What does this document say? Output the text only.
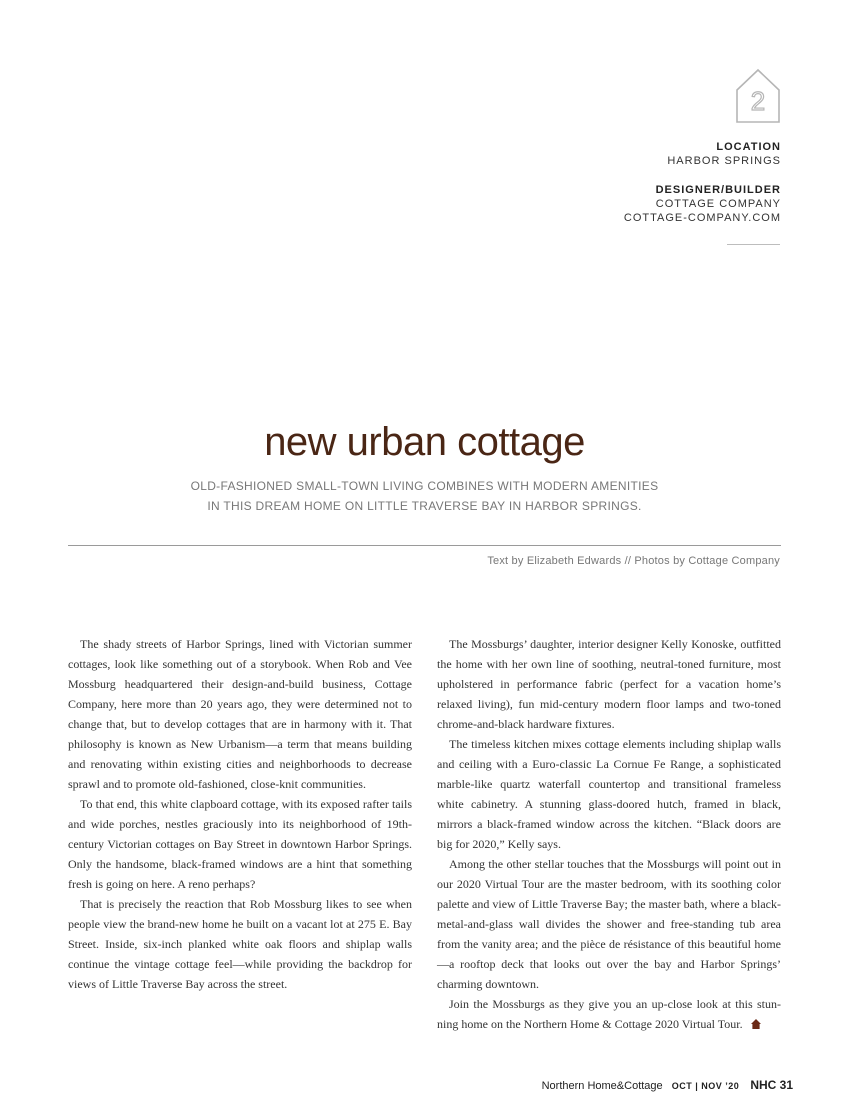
2
LOCATION
HARBOR SPRINGS
DESIGNER/BUILDER
COTTAGE COMPANY
COTTAGE-COMPANY.COM
new urban cottage
OLD-FASHIONED SMALL-TOWN LIVING COMBINES WITH MODERN AMENITIES
IN THIS DREAM HOME ON LITTLE TRAVERSE BAY IN HARBOR SPRINGS.
Text by Elizabeth Edwards // Photos by Cottage Company

The shady streets of Harbor Springs, lined with Victorian summer cottages, look like something out of a storybook. When Rob and Vee Mossburg headquartered their design-and-build business, Cottage Company, here more than 20 years ago, they were determined not to change that, but to develop cottages that are in harmony with it. That philosophy is known as New Urbanism—a term that means building and renovating within existing cities and neighborhoods to decrease sprawl and to promote old-fashioned, close-knit communities.

To that end, this white clapboard cottage, with its exposed rafter tails and wide porches, nestles graciously into its neighborhood of 19th-century Victorian cottages on Bay Street in downtown Harbor Springs. Only the handsome, black-framed windows are a hint that something fresh is going on here. A reno perhaps?

That is precisely the reaction that Rob Mossburg likes to see when people view the brand-new home he built on a vacant lot at 275 E. Bay Street. Inside, six-inch planked white oak floors and shiplap walls continue the vintage cottage feel—while providing the backdrop for views of Little Traverse Bay across the street.

The Mossburgs’ daughter, interior designer Kelly Konoske, outfitted the home with her own line of soothing, neutral-toned furniture, most upholstered in performance fabric (perfect for a vacation home’s relaxed living), fun mid-century modern floor lamps and two-toned chrome-and-black hardware fixtures.

The timeless kitchen mixes cottage elements including shiplap walls and ceiling with a Euro-classic La Cornue Fe Range, a sophisticated marble-like quartz waterfall countertop and transitional frameless white cabinetry. A stunning glass-doored hutch, framed in black, mirrors a black-framed window across the kitchen. “Black doors are big for 2020,” Kelly says.

Among the other stellar touches that the Mossburgs will point out in our 2020 Virtual Tour are the master bedroom, with its soothing color palette and view of Little Traverse Bay; the master bath, where a black-metal-and-glass wall divides the shower and free-standing tub area from the vanity area; and the pièce de résistance of this beautiful home—a rooftop deck that looks out over the bay and Harbor Springs’ charming downtown.

Join the Mossburgs as they give you an up-close look at this stunning home on the Northern Home & Cottage 2020 Virtual Tour.

Northern Home&Cottage OCT | NOV ’20 NHC 31
